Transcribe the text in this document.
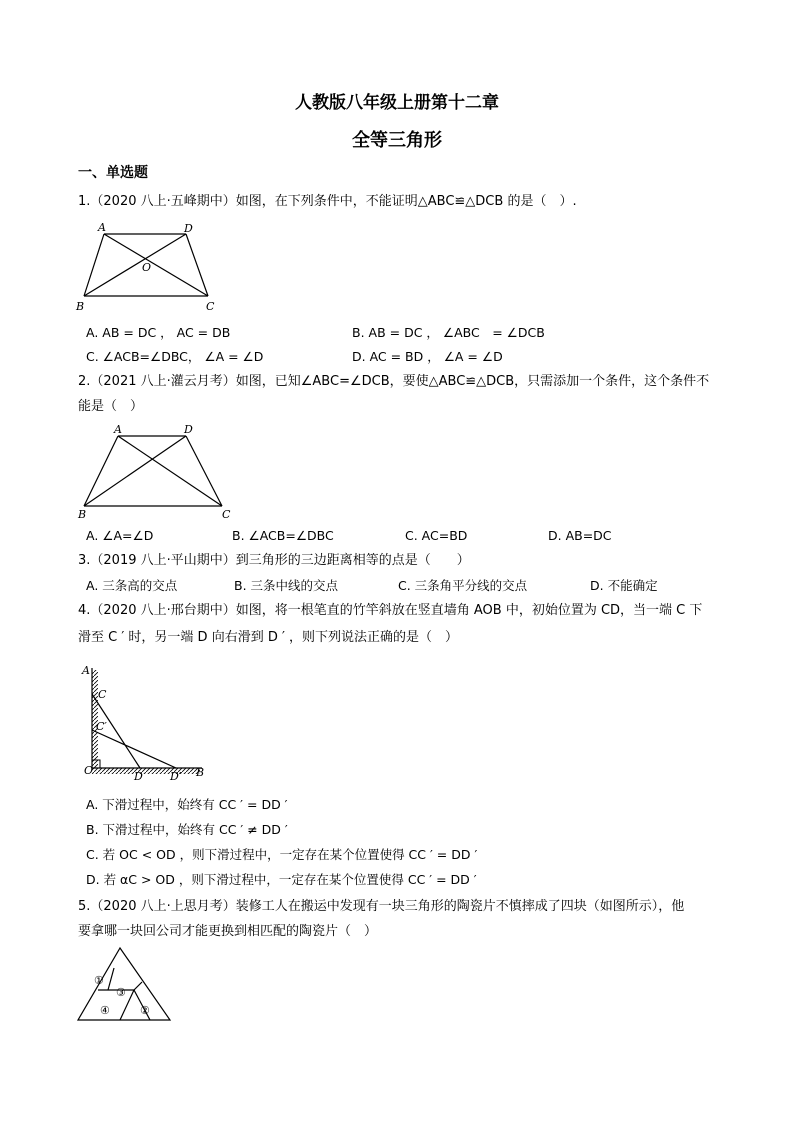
人教版八年级上册第十二章
全等三角形
一、单选题
1.（2020 八上·五峰期中）如图，在下列条件中，不能证明△ABC≌△DCB 的是（　）.
A	D
O
B	C
A. AB = DC ， AC = DB	B. AB = DC ， ∠ABC　= ∠DCB
C. ∠ACB=∠DBC， ∠A = ∠D	D. AC = BD ， ∠A = ∠D
2.（2021 八上·灌云月考）如图，已知∠ABC=∠DCB，要使△ABC≌△DCB，只需添加一个条件，这个条件不
能是（　）
A	D
B	C
A. ∠A=∠D	B. ∠ACB=∠DBC	C. AC=BD	D. AB=DC
3.（2019 八上·平山期中）到三角形的三边距离相等的点是（　　）
A. 三条高的交点	B. 三条中线的交点	C. 三条角平分线的交点	D. 不能确定
4.（2020 八上·邢台期中）如图，将一根笔直的竹竿斜放在竖直墙角 AOB 中，初始位置为 CD，当一端 C 下
滑至 C ′ 时，另一端 D 向右滑到 D ′ ，则下列说法正确的是（　）
A
C
C′
O	D D′ B
A. 下滑过程中，始终有 CC ′ = DD ′
B. 下滑过程中，始终有 CC ′ ≠ DD ′
C. 若 OC < OD ，则下滑过程中，一定存在某个位置使得 CC ′ = DD ′
D. 若 αC > OD ，则下滑过程中，一定存在某个位置使得 CC ′ = DD ′
5.（2020 八上·上思月考）装修工人在搬运中发现有一块三角形的陶瓷片不慎摔成了四块（如图所示），他
要拿哪一块回公司才能更换到相匹配的陶瓷片（　）
①
③
④	②
